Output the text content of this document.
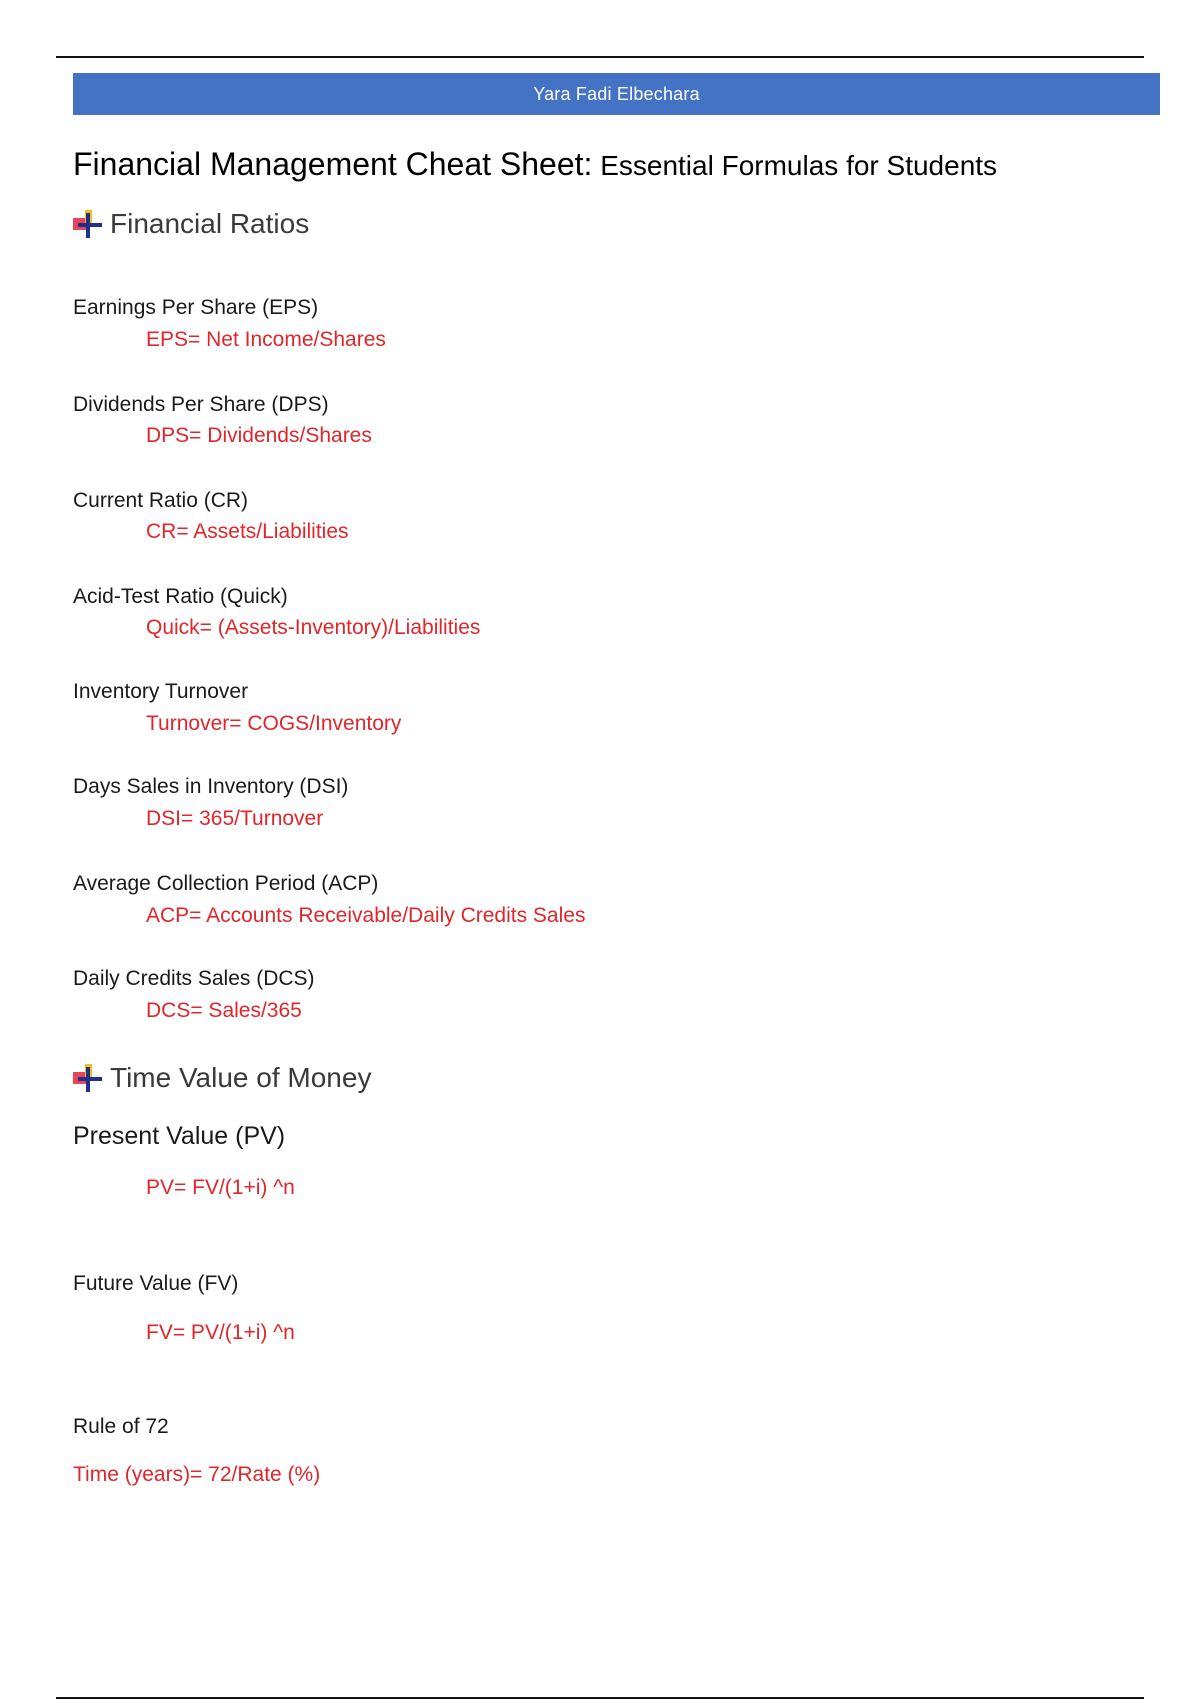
Yara Fadi Elbechara
Financial Management Cheat Sheet: Essential Formulas for Students
Financial Ratios
Earnings Per Share (EPS)
EPS= Net Income/Shares
Dividends Per Share (DPS)
DPS= Dividends/Shares
Current Ratio (CR)
CR= Assets/Liabilities
Acid-Test Ratio (Quick)
Quick= (Assets-Inventory)/Liabilities
Inventory Turnover
Turnover= COGS/Inventory
Days Sales in Inventory (DSI)
DSI= 365/Turnover
Average Collection Period (ACP)
ACP= Accounts Receivable/Daily Credits Sales
Daily Credits Sales (DCS)
DCS= Sales/365
Time Value of Money
Present Value (PV)
PV= FV/(1+i) ^n
Future Value (FV)
FV= PV/(1+i) ^n
Rule of 72
Time (years)= 72/Rate (%)
